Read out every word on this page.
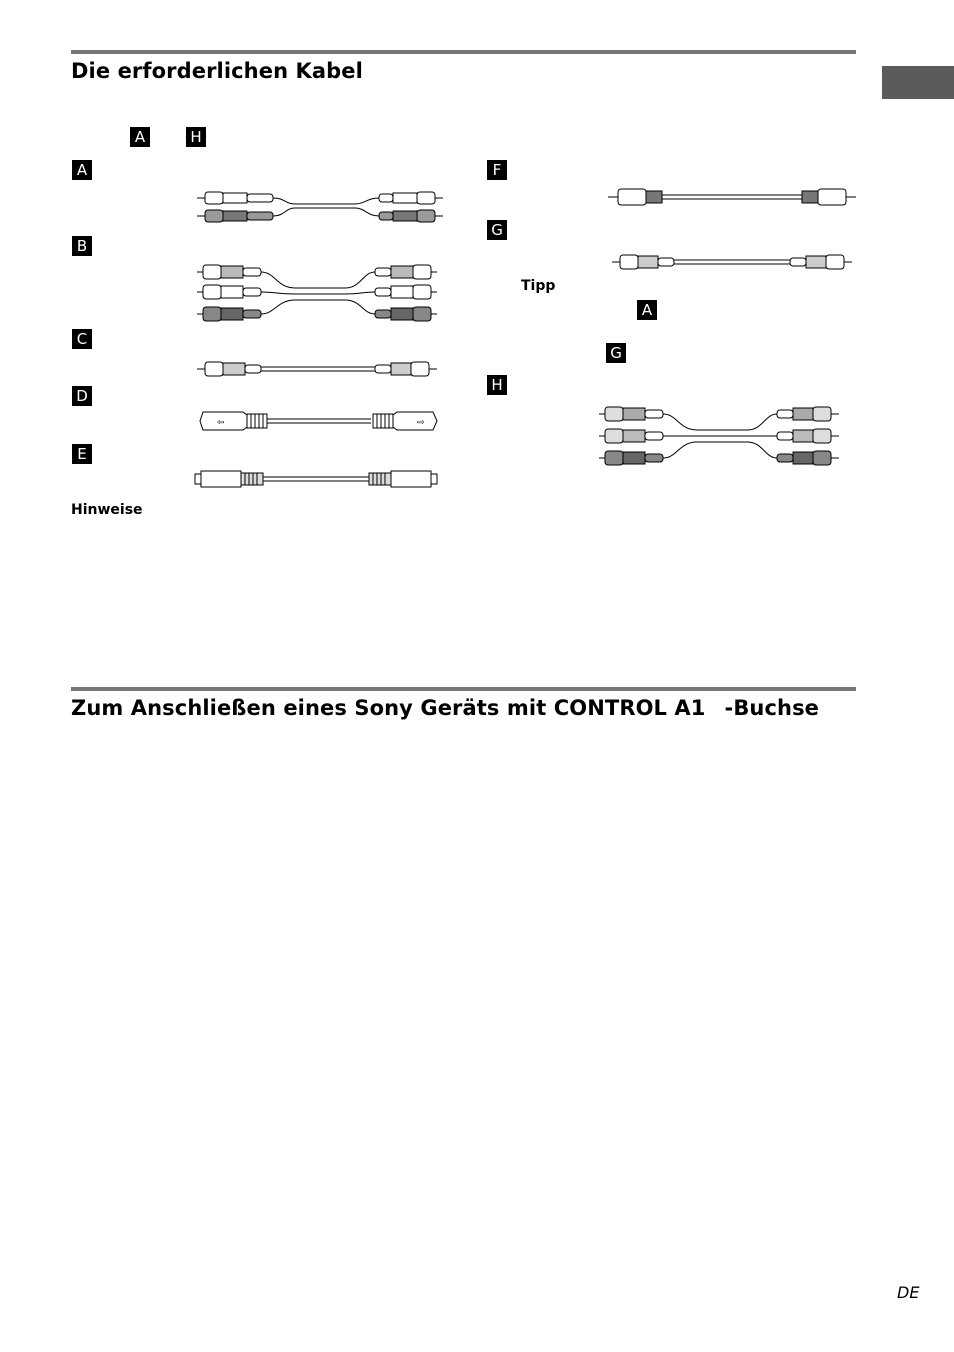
Die erforderlichen Kabel
A	H
A
B
C
D
E
F
G
H
Tipp
A
G
Hinweise
⇦	⇨
Zum Anschließen eines Sony Geräts mit CONTROL A1 -Buchse
DE
